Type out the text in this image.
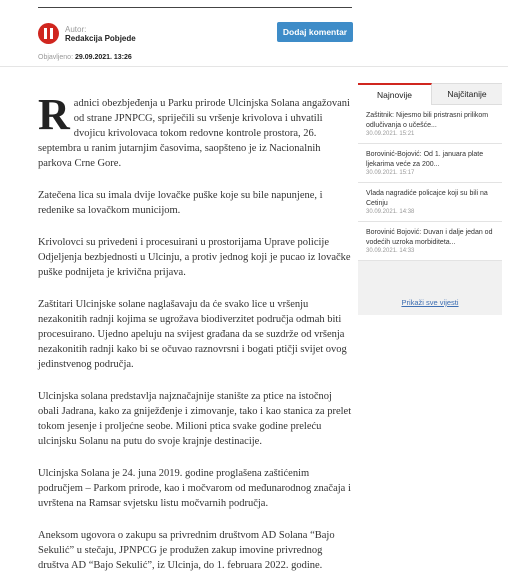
Autor:
Redakcija Pobjede
Dodaj komentar
Objavljeno: 29.09.2021. 13:26

Radnici obezbjeđenja u Parku prirode Ulcinjska Solana angažovani od strane JPNPCG, spriječili su vršenje krivolova i uhvatili dvojicu krivolovaca tokom redovne kontrole prostora, 26. septembra u ranim jutarnjim časovima, saopšteno je iz Nacionalnih parkova Crne Gore.

Zatečena lica su imala dvije lovačke puške koje su bile napunjene, i redenike sa lovačkom municijom.

Krivolovci su privedeni i procesuirani u prostorijama Uprave policije Odjeljenja bezbjednosti u Ulcinju, a protiv jednog koji je pucao iz lovačke puške podnijeta je krivična prijava.

Zaštitari Ulcinjske solane naglašavaju da će svako lice u vršenju nezakonitih radnji kojima se ugrožava biodiverzitet područja odmah biti procesuirano. Ujedno apeluju na svijest građana da se suzdrže od vršenja nezakonitih radnji kako bi se očuvao raznovrsni i bogati ptičji svijet ovog jedinstvenog područja.

Ulcinjska solana predstavlja najznačajnije stanište za ptice na istočnoj obali Jadrana, kako za gniježđenje i zimovanje, tako i kao stanica za prelet tokom jesenje i proljećne seobe. Milioni ptica svake godine preleću ulcinjsku Solanu na putu do svoje krajnje destinacije.

Ulcinjska Solana je 24. juna 2019. godine proglašena zaštićenim područjem – Parkom prirode, kao i močvarom od međunarodnog značaja i uvrštena na Ramsar svjetsku listu močvarnih područja.

Aneksom ugovora o zakupu sa privrednim društvom AD Solana “Bajo Sekulić” u stečaju, JPNPCG je produžen zakup imovine privrednog društva AD “Bajo Sekulić”, iz Ulcinja, do 1. februara 2022. godine.

Najnovije	Najčitanije
Zaštitnik: Nijesmo bili pristrasni prilikom odlučivanja o učešće...
30.09.2021. 15:21
Borovinić-Bojović: Od 1. januara plate ljekarima veće za 200...
30.09.2021. 15:17
Vlada nagradiće policajce koji su bili na Cetinju
30.09.2021. 14:38
Borovinić Bojović: Duvan i dalje jedan od vodećih uzroka morbiditeta...
30.09.2021. 14:33
Prikaži sve vijesti
